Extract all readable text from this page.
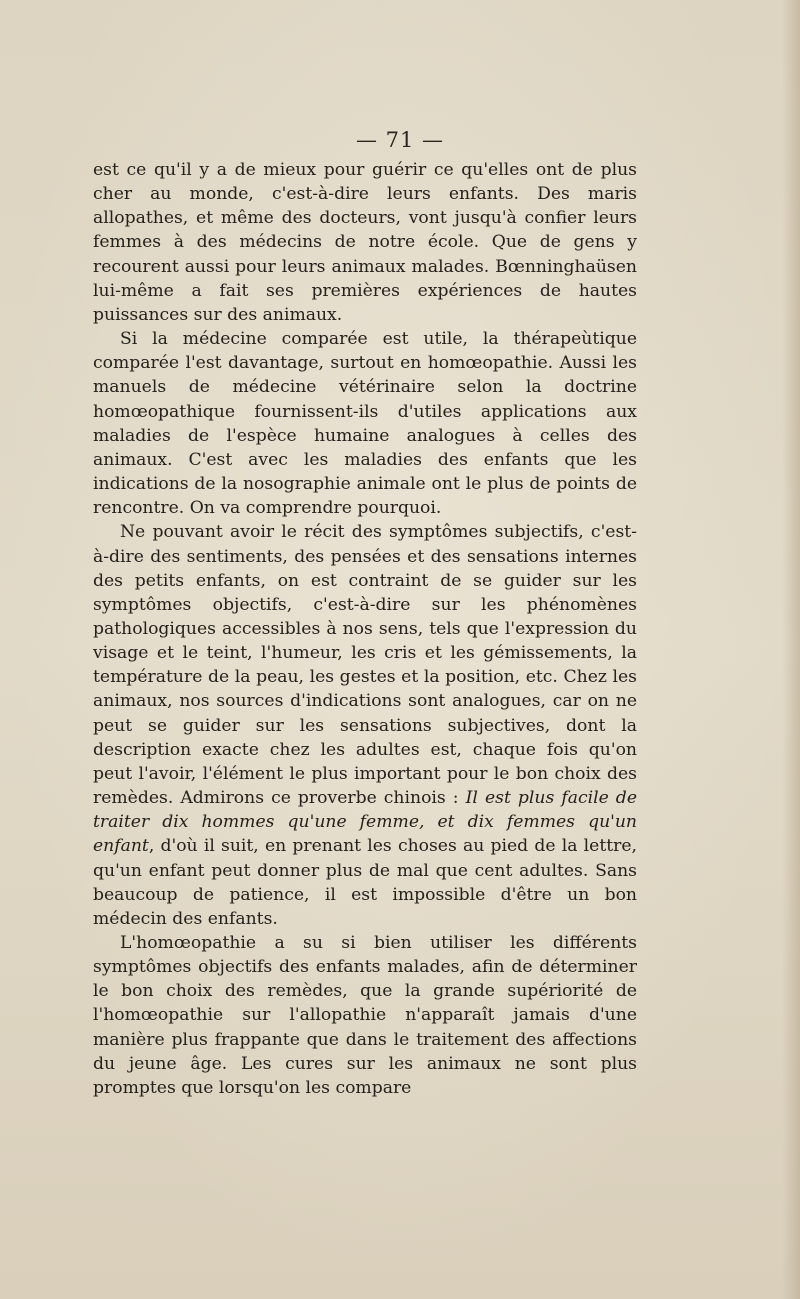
— 71 —

est ce qu'il y a de mieux pour guérir ce qu'elles ont de plus cher au monde, c'est-à-dire leurs enfants. Des maris allopathes, et même des docteurs, vont jusqu'à confier leurs femmes à des médecins de notre école. Que de gens y recourent aussi pour leurs animaux malades. Bœnninghaüsen lui-même a fait ses premières expériences de hautes puissances sur des animaux.

Si la médecine comparée est utile, la thérapeùtique comparée l'est davantage, surtout en homœopathie. Aussi les manuels de médecine vétérinaire selon la doctrine homœopathique fournissent-ils d'utiles applications aux maladies de l'espèce humaine analogues à celles des animaux. C'est avec les maladies des enfants que les indications de la nosographie animale ont le plus de points de rencontre. On va comprendre pourquoi.

Ne pouvant avoir le récit des symptômes subjectifs, c'est-à-dire des sentiments, des pensées et des sensations internes des petits enfants, on est contraint de se guider sur les symptômes objectifs, c'est-à-dire sur les phénomènes pathologiques accessibles à nos sens, tels que l'expression du visage et le teint, l'humeur, les cris et les gémissements, la température de la peau, les gestes et la position, etc. Chez les animaux, nos sources d'indications sont analogues, car on ne peut se guider sur les sensations subjectives, dont la description exacte chez les adultes est, chaque fois qu'on peut l'avoir, l'élément le plus important pour le bon choix des remèdes. Admirons ce proverbe chinois : Il est plus facile de traiter dix hommes qu'une femme, et dix femmes qu'un enfant, d'où il suit, en prenant les choses au pied de la lettre, qu'un enfant peut donner plus de mal que cent adultes. Sans beaucoup de patience, il est impossible d'être un bon médecin des enfants.

L'homœopathie a su si bien utiliser les différents symptômes objectifs des enfants malades, afin de déterminer le bon choix des remèdes, que la grande supériorité de l'homœopathie sur l'allopathie n'apparaît jamais d'une manière plus frappante que dans le traitement des affections du jeune âge. Les cures sur les animaux ne sont plus promptes que lorsqu'on les compare
